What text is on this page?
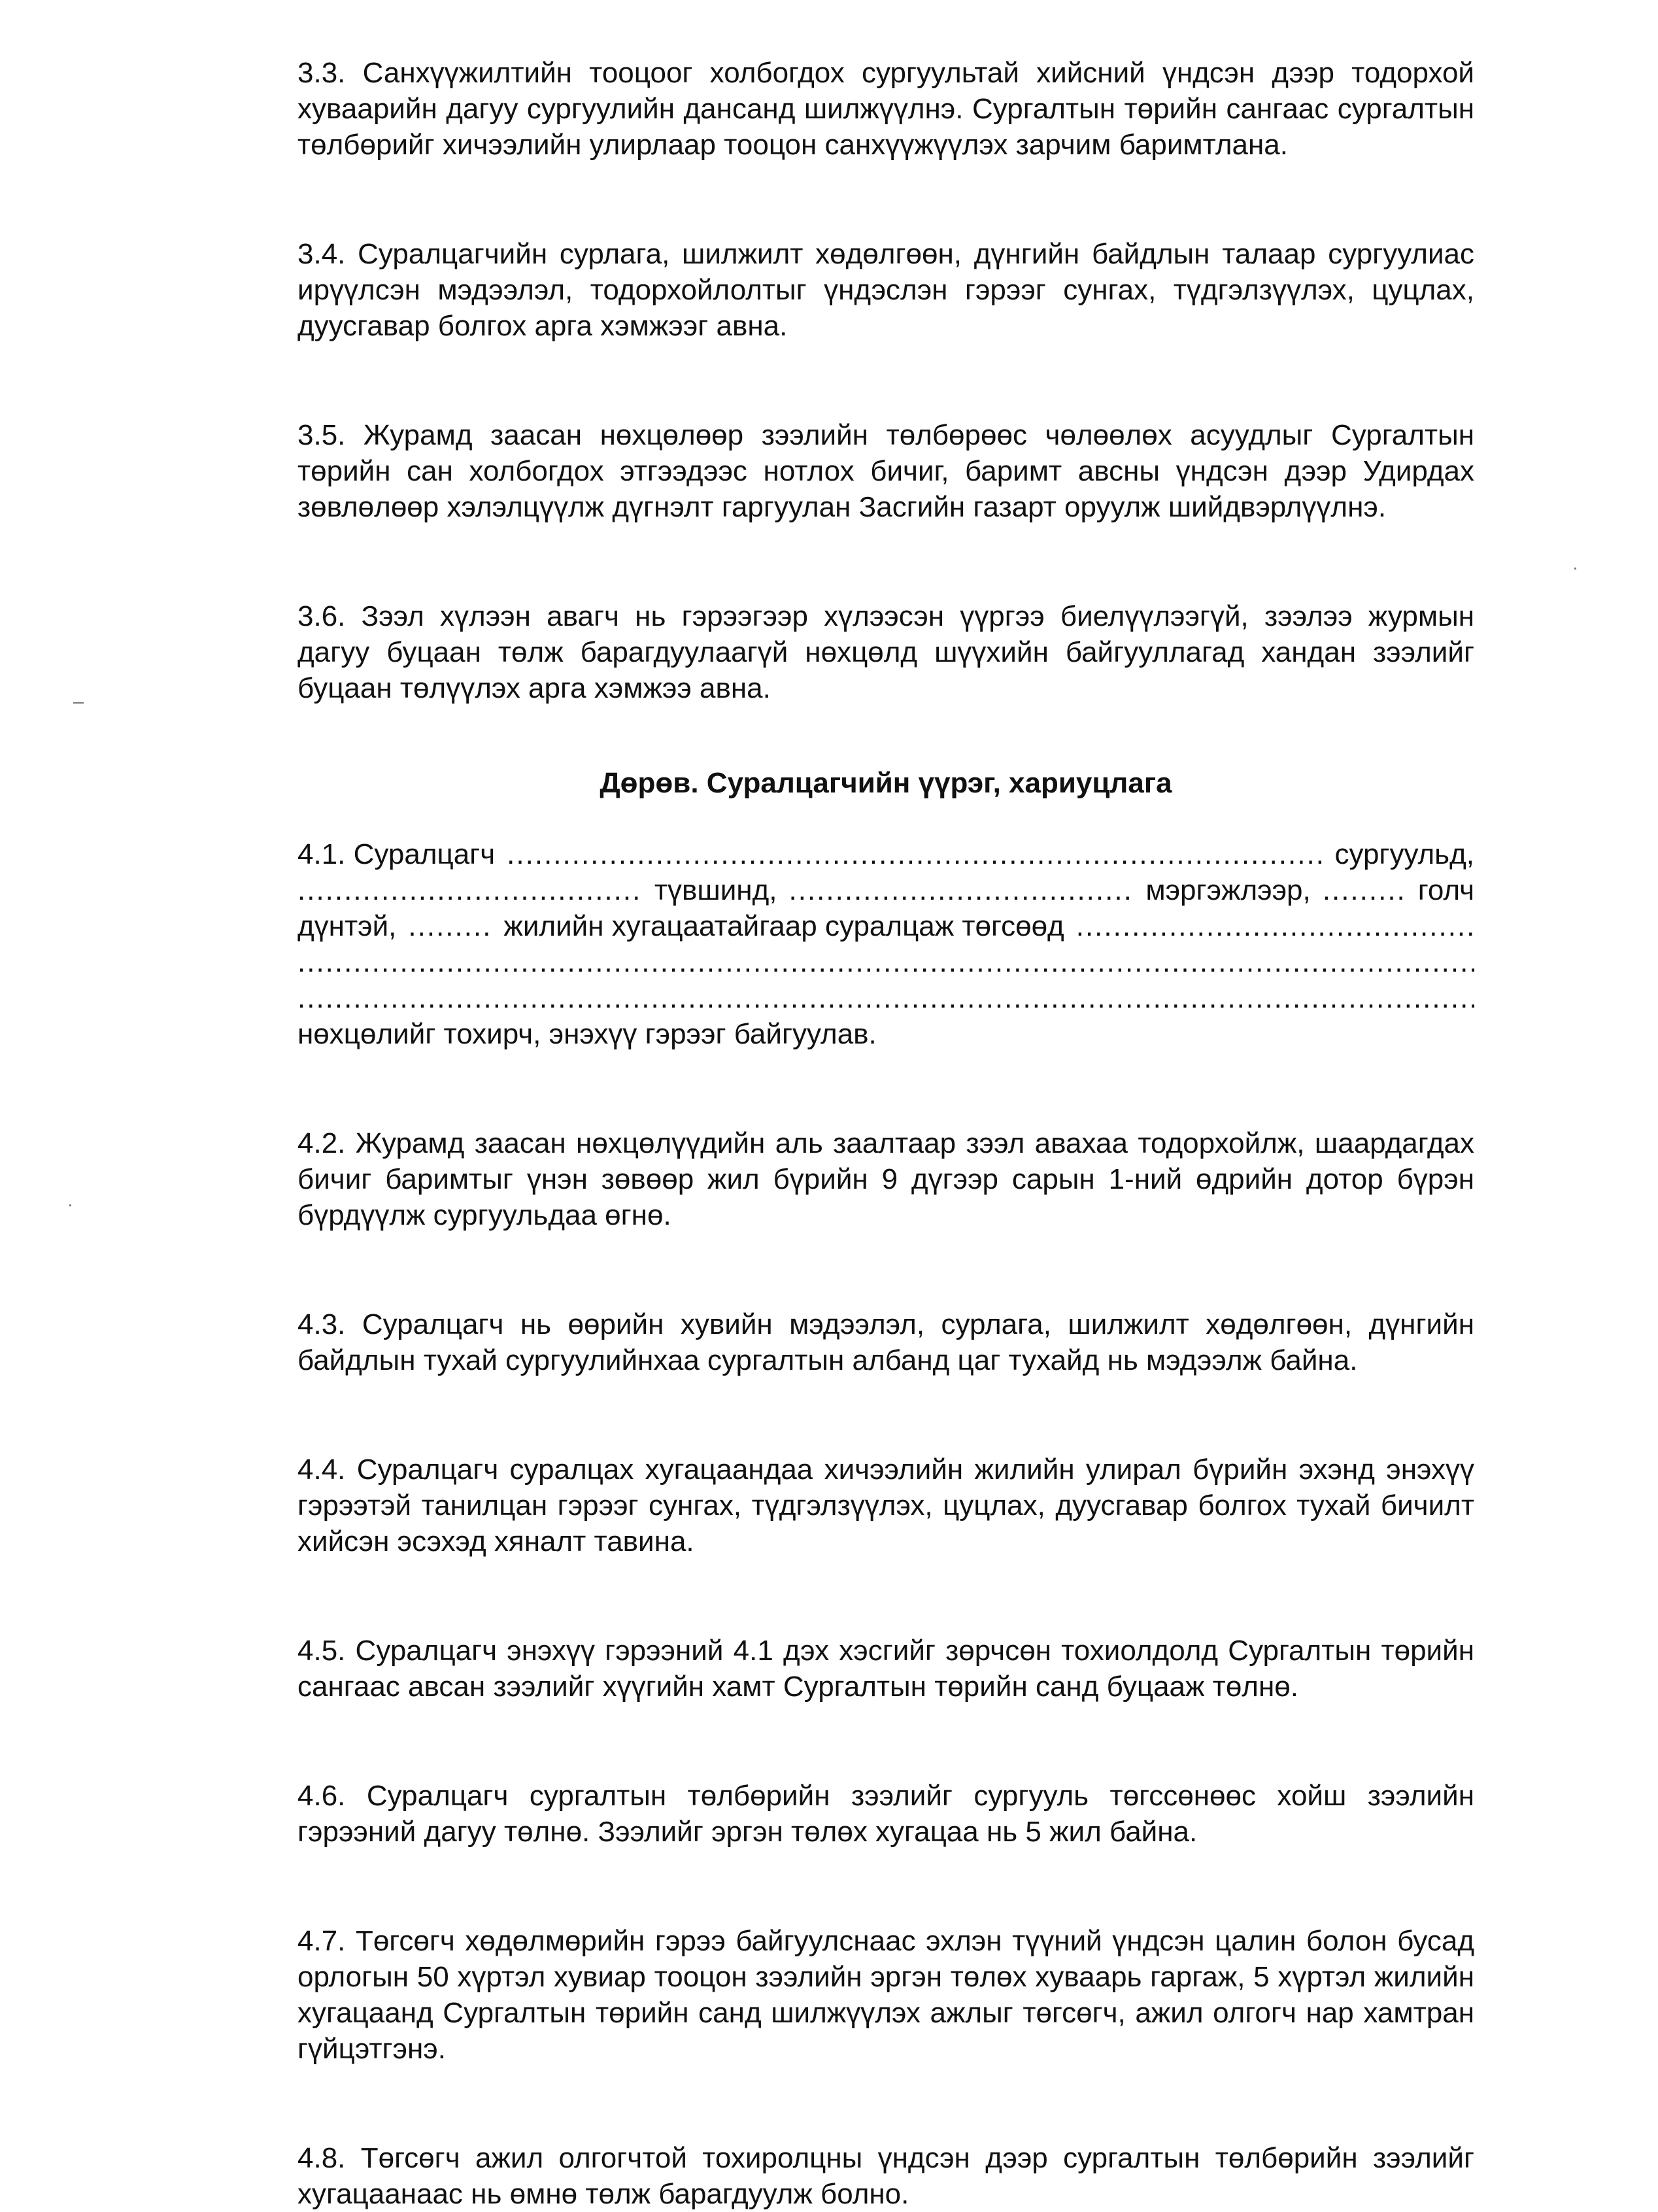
3.3. Санхүүжилтийн тооцоог холбогдох сургуультай хийсний үндсэн дээр тодорхой хуваарийн дагуу сургуулийн дансанд шилжүүлнэ. Сургалтын төрийн сангаас сургалтын төлбөрийг хичээлийн улирлаар тооцон санхүүжүүлэх зарчим баримтлана.

3.4. Суралцагчийн сурлага, шилжилт хөдөлгөөн, дүнгийн байдлын талаар сургуулиас ирүүлсэн мэдээлэл, тодорхойлолтыг үндэслэн гэрээг сунгах, түдгэлзүүлэх, цуцлах, дуусгавар болгох арга хэмжээг авна.

3.5. Журамд заасан нөхцөлөөр зээлийн төлбөрөөс чөлөөлөх асуудлыг Сургалтын төрийн сан холбогдох этгээдээс нотлох бичиг, баримт авсны үндсэн дээр Удирдах зөвлөлөөр хэлэлцүүлж дүгнэлт гаргуулан Засгийн газарт оруулж шийдвэрлүүлнэ.

3.6. Зээл хүлээн авагч нь гэрээгээр хүлээсэн үүргээ биелүүлээгүй, зээлээ журмын дагуу буцаан төлж барагдуулаагүй нөхцөлд шүүхийн байгууллагад хандан зээлийг буцаан төлүүлэх арга хэмжээ авна.

Дөрөв. Суралцагчийн үүрэг, хариуцлага
4.1. Суралцагч .....	сургуульд,
.....
түвшинд, .....	мэргэжлээр, .....	голч
дүнтэй, .....	жилийн хугацаатайгаар суралцаж төгсөөд
.....
.....
.....
нөхцөлийг тохирч, энэхүү гэрээг байгуулав.

4.2. Журамд заасан нөхцөлүүдийн аль заалтаар зээл авахаа тодорхойлж, шаардагдах бичиг баримтыг үнэн зөвөөр жил бүрийн 9 дүгээр сарын 1-ний өдрийн дотор бүрэн бүрдүүлж сургуульдаа өгнө.

4.3. Суралцагч нь өөрийн хувийн мэдээлэл, сурлага, шилжилт хөдөлгөөн, дүнгийн байдлын тухай сургуулийнхаа сургалтын албанд цаг тухайд нь мэдээлж байна.

4.4. Суралцагч суралцах хугацаандаа хичээлийн жилийн улирал бүрийн эхэнд энэхүү гэрээтэй танилцан гэрээг сунгах, түдгэлзүүлэх, цуцлах, дуусгавар болгох тухай бичилт хийсэн эсэхэд хяналт тавина.

4.5. Суралцагч энэхүү гэрээний 4.1 дэх хэсгийг зөрчсөн тохиолдолд Сургалтын төрийн сангаас авсан зээлийг хүүгийн хамт Сургалтын төрийн санд буцааж төлнө.

4.6. Суралцагч сургалтын төлбөрийн зээлийг сургууль төгссөнөөс хойш зээлийн гэрээний дагуу төлнө. Зээлийг эргэн төлөх хугацаа нь 5 жил байна.

4.7. Төгсөгч хөдөлмөрийн гэрээ байгуулснаас эхлэн түүний үндсэн цалин болон бусад орлогын 50 хүртэл хувиар тооцон зээлийн эргэн төлөх хуваарь гаргаж, 5 хүртэл жилийн хугацаанд Сургалтын төрийн санд шилжүүлэх ажлыг төгсөгч, ажил олгогч нар хамтран гүйцэтгэнэ.

4.8. Төгсөгч ажил олгогчтой тохиролцны үндсэн дээр сургалтын төлбөрийн зээлийг хугацаанаас нь өмнө төлж барагдуулж болно.
